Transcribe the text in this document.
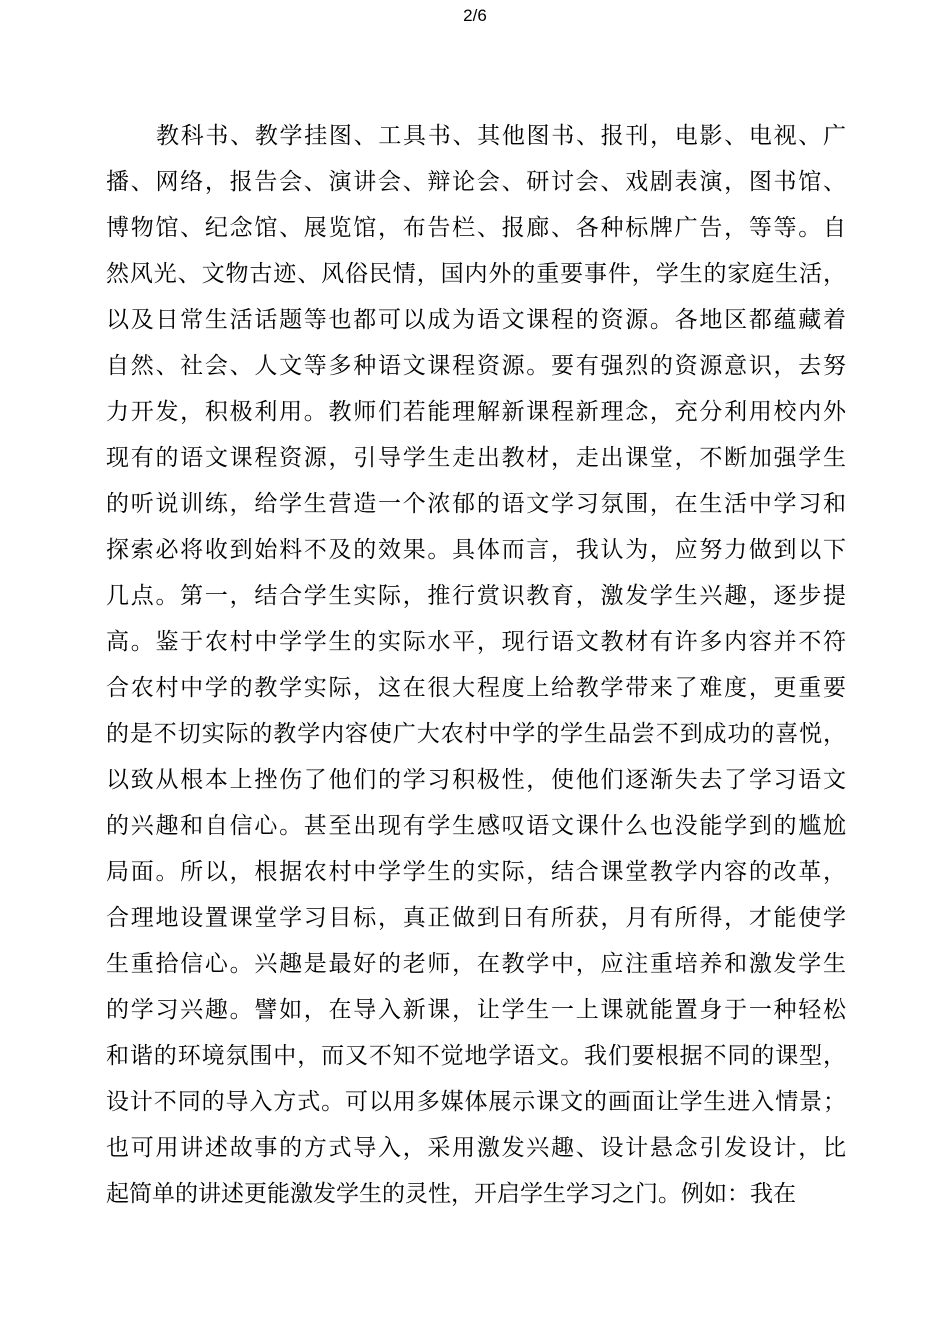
2/6
教科书、教学挂图、工具书、其他图书、报刊，电影、电视、广
播、网络，报告会、演讲会、辩论会、研讨会、戏剧表演，图书馆、
博物馆、纪念馆、展览馆，布告栏、报廊、各种标牌广告，等等。自
然风光、文物古迹、风俗民情，国内外的重要事件，学生的家庭生活，
以及日常生活话题等也都可以成为语文课程的资源。各地区都蕴藏着
自然、社会、人文等多种语文课程资源。要有强烈的资源意识，去努
力开发，积极利用。教师们若能理解新课程新理念，充分利用校内外
现有的语文课程资源，引导学生走出教材，走出课堂，不断加强学生
的听说训练，给学生营造一个浓郁的语文学习氛围，在生活中学习和
探索必将收到始料不及的效果。具体而言，我认为，应努力做到以下
几点。第一，结合学生实际，推行赏识教育，激发学生兴趣，逐步提
高。鉴于农村中学学生的实际水平，现行语文教材有许多内容并不符
合农村中学的教学实际，这在很大程度上给教学带来了难度，更重要
的是不切实际的教学内容使广大农村中学的学生品尝不到成功的喜悦，
以致从根本上挫伤了他们的学习积极性，使他们逐渐失去了学习语文
的兴趣和自信心。甚至出现有学生感叹语文课什么也没能学到的尴尬
局面。所以，根据农村中学学生的实际，结合课堂教学内容的改革，
合理地设置课堂学习目标，真正做到日有所获，月有所得，才能使学
生重拾信心。兴趣是最好的老师，在教学中，应注重培养和激发学生
的学习兴趣。譬如，在导入新课，让学生一上课就能置身于一种轻松
和谐的环境氛围中，而又不知不觉地学语文。我们要根据不同的课型，
设计不同的导入方式。可以用多媒体展示课文的画面让学生进入情景；
也可用讲述故事的方式导入，采用激发兴趣、设计悬念引发设计，比
起简单的讲述更能激发学生的灵性，开启学生学习之门。例如：我在
